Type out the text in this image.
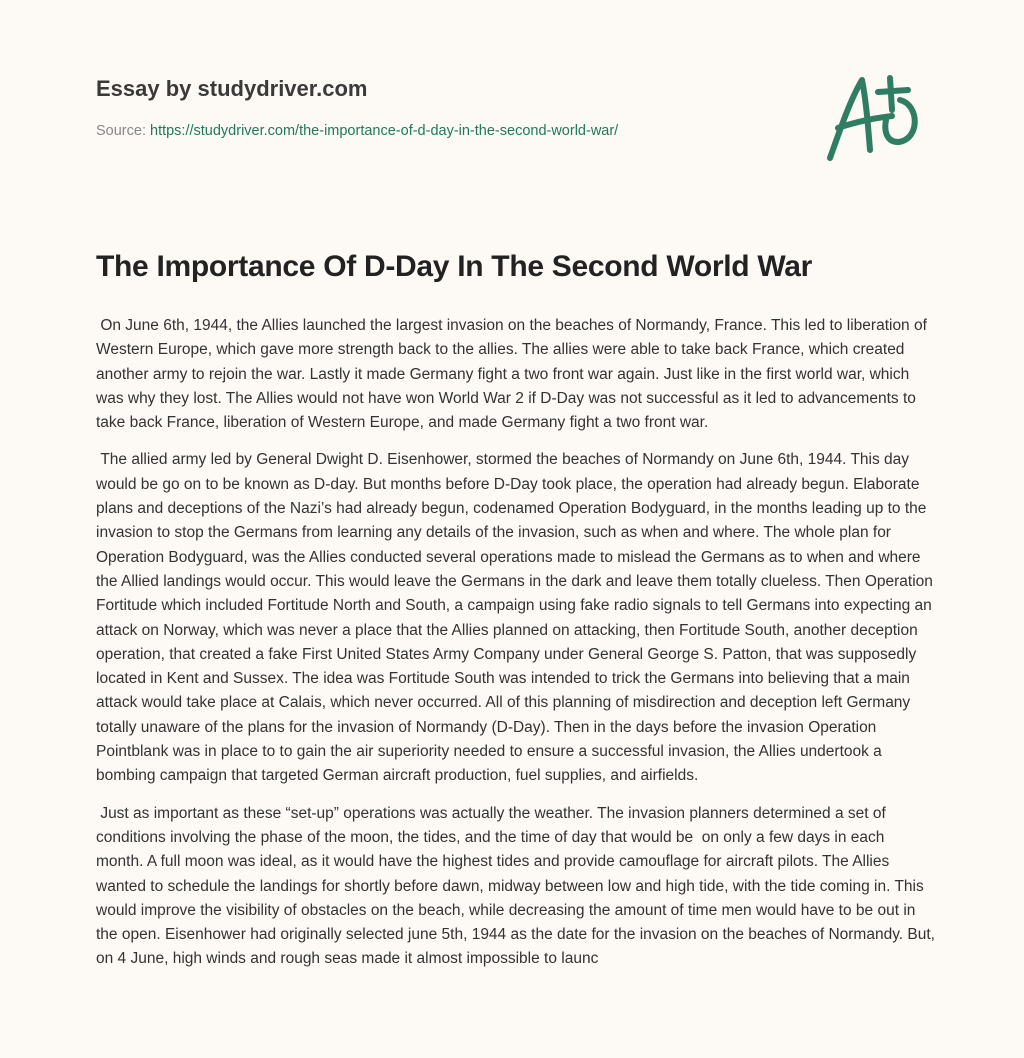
Essay by studydriver.com
Source: https://studydriver.com/the-importance-of-d-day-in-the-second-world-war/
The Importance Of D-Day In The Second World War

On June 6th, 1944, the Allies launched the largest invasion on the beaches of Normandy, France. This led to liberation of Western Europe, which gave more strength back to the allies. The allies were able to take back France, which created another army to rejoin the war. Lastly it made Germany fight a two front war again. Just like in the first world war, which was why they lost. The Allies would not have won World War 2 if D-Day was not successful as it led to advancements to take back France, liberation of Western Europe, and made Germany fight a two front war.

The allied army led by General Dwight D. Eisenhower, stormed the beaches of Normandy on June 6th, 1944. This day would be go on to be known as D-day. But months before D-Day took place, the operation had already begun. Elaborate plans and deceptions of the Nazi’s had already begun, codenamed Operation Bodyguard, in the months leading up to the invasion to stop the Germans from learning any details of the invasion, such as when and where. The whole plan for Operation Bodyguard, was the Allies conducted several operations made to mislead the Germans as to when and where the Allied landings would occur. This would leave the Germans in the dark and leave them totally clueless. Then Operation Fortitude which included Fortitude North and South, a campaign using fake radio signals to tell Germans into expecting an attack on Norway, which was never a place that the Allies planned on attacking, then Fortitude South, another deception operation, that created a fake First United States Army Company under General George S. Patton, that was supposedly located in Kent and Sussex. The idea was Fortitude South was intended to trick the Germans into believing that a main attack would take place at Calais, which never occurred. All of this planning of misdirection and deception left Germany totally unaware of the plans for the invasion of Normandy (D-Day). Then in the days before the invasion Operation Pointblank was in place to to gain the air superiority needed to ensure a successful invasion, the Allies undertook a bombing campaign that targeted German aircraft production, fuel supplies, and airfields.

Just as important as these “set-up” operations was actually the weather. The invasion planners determined a set of conditions involving the phase of the moon, the tides, and the time of day that would be  on only a few days in each month. A full moon was ideal, as it would have the highest tides and provide camouflage for aircraft pilots. The Allies wanted to schedule the landings for shortly before dawn, midway between low and high tide, with the tide coming in. This would improve the visibility of obstacles on the beach, while decreasing the amount of time men would have to be out in the open. Eisenhower had originally selected june 5th, 1944 as the date for the invasion on the beaches of Normandy. But, on 4 June, high winds and rough seas made it almost impossible to launc
